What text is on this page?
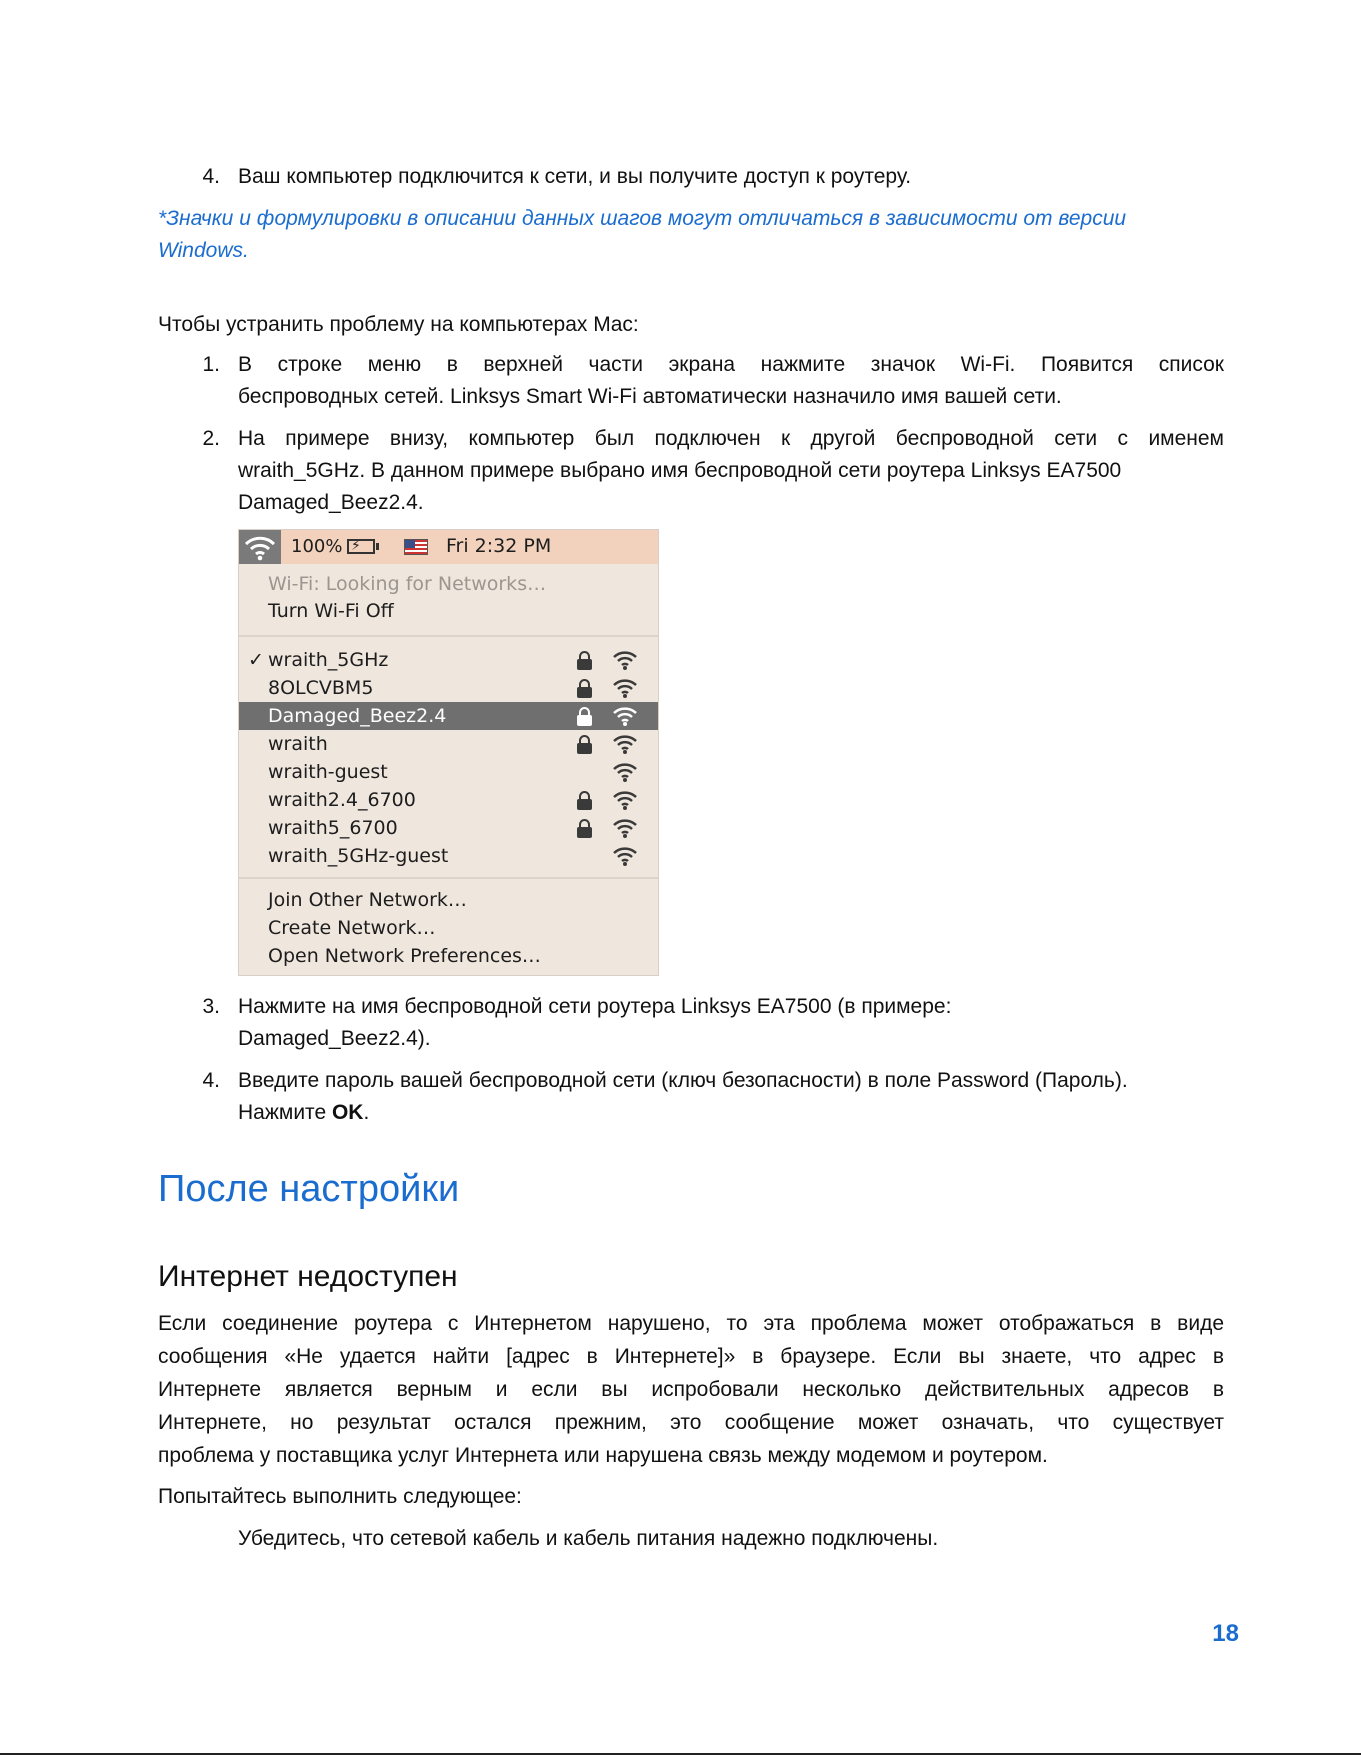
4. Ваш компьютер подключится к сети, и вы получите доступ к роутеру.
*Значки и формулировки в описании данных шагов могут отличаться в зависимости от версии
Windows.
Чтобы устранить проблему на компьютерах Mac:
1. В строке меню в верхней части экрана нажмите значок Wi-Fi. Появится список
беспроводных сетей. Linksys Smart Wi-Fi автоматически назначило имя вашей сети.
2. На примере внизу, компьютер был подключен к другой беспроводной сети с именем
wraith_5GHz. В данном примере выбрано имя беспроводной сети роутера Linksys EA7500
Damaged_Beez2.4.
100% ⚡	Fri 2:32 PM
Wi-Fi: Looking for Networks…
Turn Wi-Fi Off
✓ wraith_5GHz
8OLCVBM5
Damaged_Beez2.4
wraith
wraith-guest
wraith2.4_6700
wraith5_6700
wraith_5GHz-guest
Join Other Network…
Create Network…
Open Network Preferences…
3. Нажмите на имя беспроводной сети роутера Linksys EA7500 (в примере:
Damaged_Beez2.4).
4. Введите пароль вашей беспроводной сети (ключ безопасности) в поле Password (Пароль).
Нажмите OK.
После настройки
Интернет недоступен
Если соединение роутера с Интернетом нарушено, то эта проблема может отображаться в виде
сообщения «Не удается найти [адрес в Интернете]» в браузере. Если вы знаете, что адрес в
Интернете является верным и если вы испробовали несколько действительных адресов в
Интернете, но результат остался прежним, это сообщение может означать, что существует
проблема у поставщика услуг Интернета или нарушена связь между модемом и роутером.
Попытайтесь выполнить следующее:
Убедитесь, что сетевой кабель и кабель питания надежно подключены.
18
